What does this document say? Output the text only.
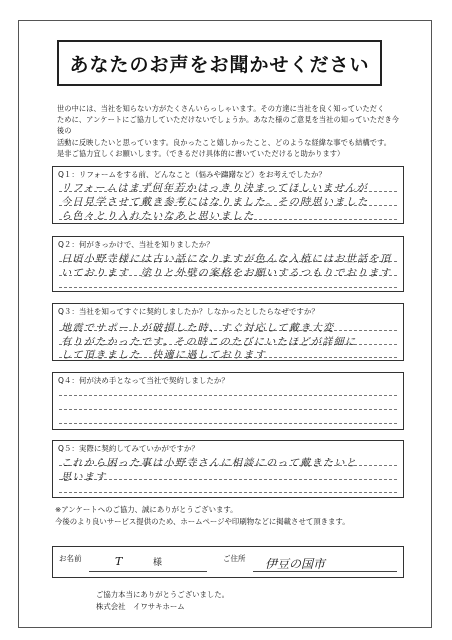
あなたのお声をお聞かせください
世の中には、当社を知らない方がたくさんいらっしゃいます。その方達に当社を良く知っていただく
ために、アンケートにご協力していただけないでしょうか。あなた様のご意見を当社の知っていただき今後の
活動に反映したいと思っています。良かったこと嬉しかったこと、どのような経緯な事でも結構です。
是非ご協力宜しくお願いします。（できるだけ具体的に書いていただけると助かります）
Q１：リフォームをする前、どんなこと（悩みや躊躇など）をお考えでしたか？
リフォームはまず何年若かはっきり決まってほしいませんが
今日見学させて戴き参考にはなりました。その時思いました
ら色々とり入れたいなあと思いました
Q２：何がきっかけで、当社を知りましたか？
日頃小野寺様には古い話になりますが色んな入植にはお世話を頂
いております　塗りと外壁の案格をお願いするつもりでおります
Q３：当社を知ってすぐに契約しましたか？しなかったとしたらなぜですか？
地震でサポートが破損した時、すぐ対応して戴き大変
有りがたかったです。その時このたびにいたほどが詳細に
して頂きました　快適に過しております
Q４：何が決め手となって当社で契約しましたか？
Q５：実際に契約してみていかがですか？
これから困った事は小野寺さんに相談にのって戴きたいと
思います
※アンケートへのご協力、誠にありがとうございます。
今後のより良いサービス提供のため、ホームページや印刷物などに掲載させて頂きます。
お名前	T	様	ご住所 伊豆の国市
ご協力本当にありがとうございました。
株式会社　イワサキホーム
